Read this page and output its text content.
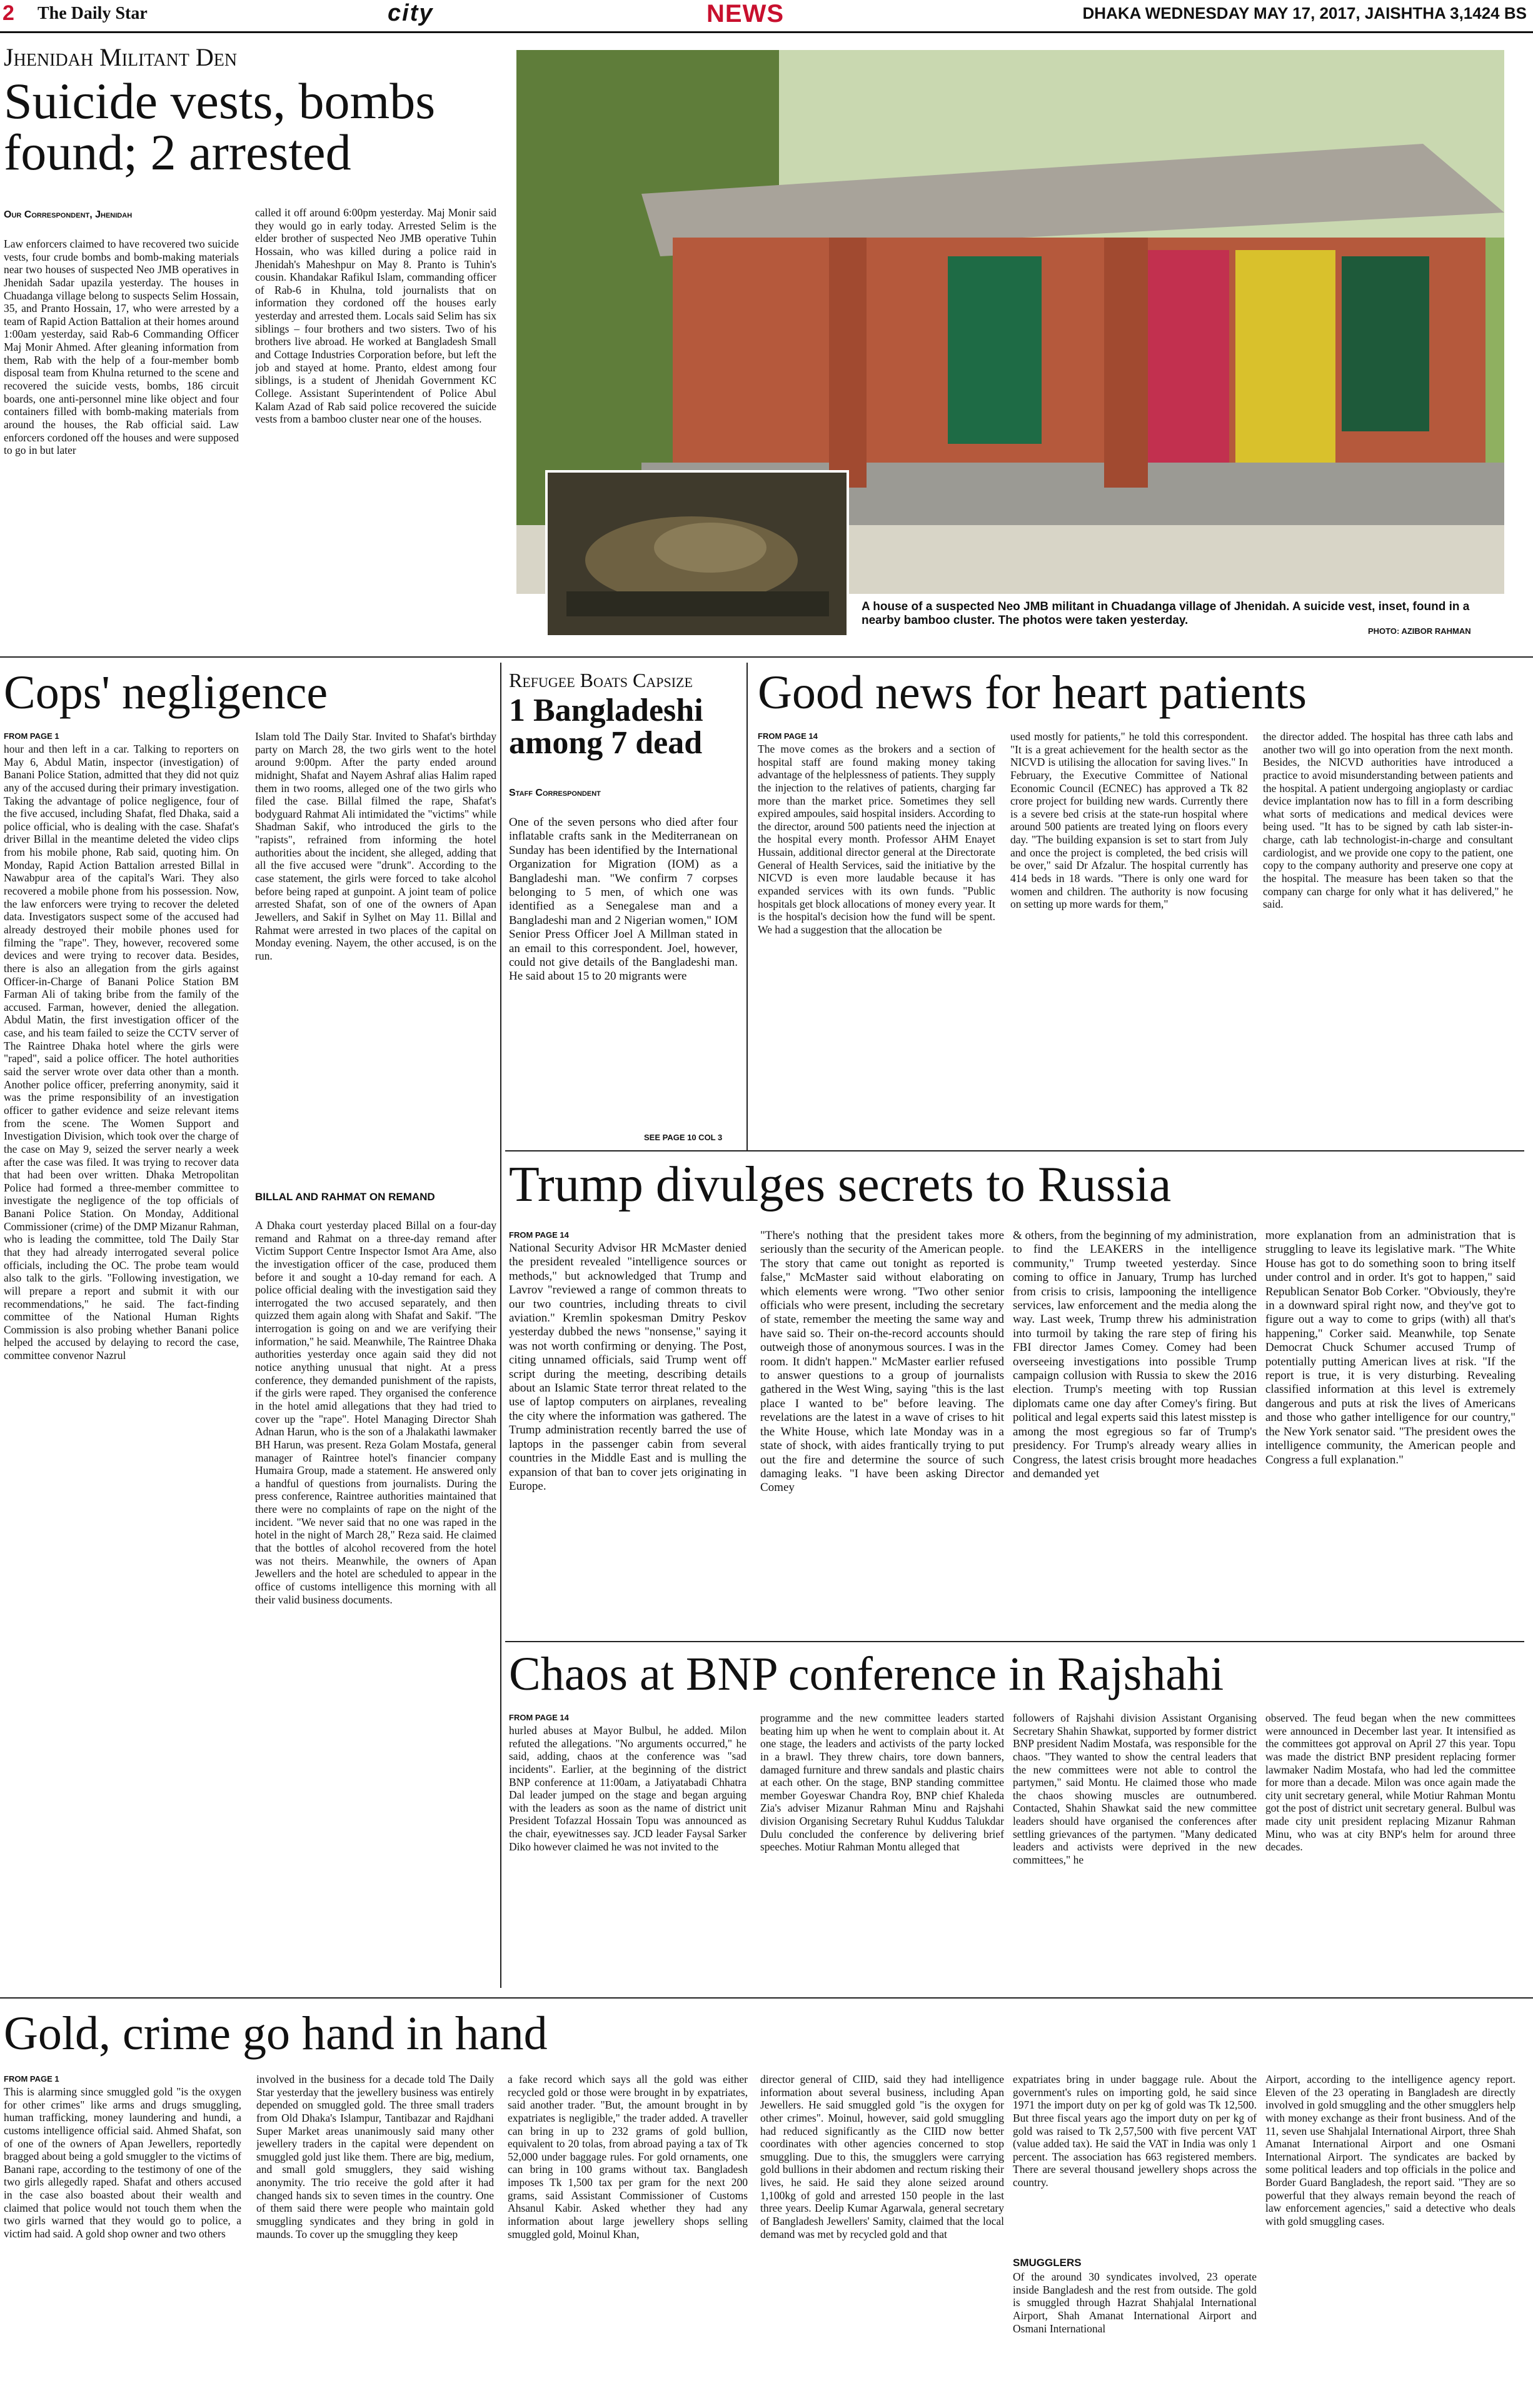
2 The Daily Star	city	NEWS	DHAKA WEDNESDAY MAY 17, 2017, JAISHTHA 3,1424 BS
Jhenidah Militant Den
Suicide vests, bombs found; 2 arrested
Our Correspondent, Jhenidah
Law enforcers claimed to have recovered two suicide vests, four crude bombs and bomb-making materials near two houses of suspected Neo JMB operatives in Jhenidah Sadar upazila yesterday. The houses in Chuadanga village belong to suspects Selim Hossain, 35, and Pranto Hossain, 17, who were arrested by a team of Rapid Action Battalion at their homes around 1:00am yesterday, said Rab-6 Commanding Officer Maj Monir Ahmed. After gleaning information from them, Rab with the help of a four-member bomb disposal team from Khulna returned to the scene and recovered the suicide vests, bombs, 186 circuit boards, one anti-personnel mine like object and four containers filled with bomb-making materials from around the houses, the Rab official said. Law enforcers cordoned off the houses and were supposed to go in but later
called it off around 6:00pm yesterday. Maj Monir said they would go in early today. Arrested Selim is the elder brother of suspected Neo JMB operative Tuhin Hossain, who was killed during a police raid in Jhenidah's Maheshpur on May 8. Pranto is Tuhin's cousin. Khandakar Rafikul Islam, commanding officer of Rab-6 in Khulna, told journalists that on information they cordoned off the houses early yesterday and arrested them. Locals said Selim has six siblings – four brothers and two sisters. Two of his brothers live abroad. He worked at Bangladesh Small and Cottage Industries Corporation before, but left the job and stayed at home. Pranto, eldest among four siblings, is a student of Jhenidah Government KC College. Assistant Superintendent of Police Abul Kalam Azad of Rab said police recovered the suicide vests from a bamboo cluster near one of the houses.
A house of a suspected Neo JMB militant in Chuadanga village of Jhenidah. A suicide vest, inset, found in a nearby bamboo cluster. The photos were taken yesterday.
PHOTO: AZIBOR RAHMAN
Cops' negligence
FROM PAGE 1
hour and then left in a car. Talking to reporters on May 6, Abdul Matin, inspector (investigation) of Banani Police Station, admitted that they did not quiz any of the accused during their primary investigation. Taking the advantage of police negligence, four of the five accused, including Shafat, fled Dhaka, said a police official, who is dealing with the case. Shafat's driver Billal in the meantime deleted the video clips from his mobile phone, Rab said, quoting him. On Monday, Rapid Action Battalion arrested Billal in Nawabpur area of the capital's Wari. They also recovered a mobile phone from his possession. Now, the law enforcers were trying to recover the deleted data. Investigators suspect some of the accused had already destroyed their mobile phones used for filming the "rape". They, however, recovered some devices and were trying to recover data. Besides, there is also an allegation from the girls against Officer-in-Charge of Banani Police Station BM Farman Ali of taking bribe from the family of the accused. Farman, however, denied the allegation. Abdul Matin, the first investigation officer of the case, and his team failed to seize the CCTV server of The Raintree Dhaka hotel where the girls were "raped", said a police officer. The hotel authorities said the server wrote over data other than a month. Another police officer, preferring anonymity, said it was the prime responsibility of an investigation officer to gather evidence and seize relevant items from the scene. The Women Support and Investigation Division, which took over the charge of the case on May 9, seized the server nearly a week after the case was filed. It was trying to recover data that had been over written. Dhaka Metropolitan Police had formed a three-member committee to investigate the negligence of the top officials of Banani Police Station. On Monday, Additional Commissioner (crime) of the DMP Mizanur Rahman, who is leading the committee, told The Daily Star that they had already interrogated several police officials, including the OC. The probe team would also talk to the girls. "Following investigation, we will prepare a report and submit it with our recommendations," he said. The fact-finding committee of the National Human Rights Commission is also probing whether Banani police helped the accused by delaying to record the case, committee convenor Nazrul
Islam told The Daily Star. Invited to Shafat's birthday party on March 28, the two girls went to the hotel around 9:00pm. After the party ended around midnight, Shafat and Nayem Ashraf alias Halim raped them in two rooms, alleged one of the two girls who filed the case. Billal filmed the rape, Shafat's bodyguard Rahmat Ali intimidated the "victims" while Shadman Sakif, who introduced the girls to the "rapists", refrained from informing the hotel authorities about the incident, she alleged, adding that all the five accused were "drunk". According to the case statement, the girls were forced to take alcohol before being raped at gunpoint. A joint team of police arrested Shafat, son of one of the owners of Apan Jewellers, and Sakif in Sylhet on May 11. Billal and Rahmat were arrested in two places of the capital on Monday evening. Nayem, the other accused, is on the run.
BILLAL AND RAHMAT ON REMAND
A Dhaka court yesterday placed Billal on a four-day remand and Rahmat on a three-day remand after Victim Support Centre Inspector Ismot Ara Ame, also the investigation officer of the case, produced them before it and sought a 10-day remand for each. A police official dealing with the investigation said they interrogated the two accused separately, and then quizzed them again along with Shafat and Sakif. "The interrogation is going on and we are verifying their information," he said. Meanwhile, The Raintree Dhaka authorities yesterday once again said they did not notice anything unusual that night. At a press conference, they demanded punishment of the rapists, if the girls were raped. They organised the conference in the hotel amid allegations that they had tried to cover up the "rape". Hotel Managing Director Shah Adnan Harun, who is the son of a Jhalakathi lawmaker BH Harun, was present. Reza Golam Mostafa, general manager of Raintree hotel's financier company Humaira Group, made a statement. He answered only a handful of questions from journalists. During the press conference, Raintree authorities maintained that there were no complaints of rape on the night of the incident. "We never said that no one was raped in the hotel in the night of March 28," Reza said. He claimed that the bottles of alcohol recovered from the hotel was not theirs. Meanwhile, the owners of Apan Jewellers and the hotel are scheduled to appear in the office of customs intelligence this morning with all their valid business documents.
Refugee Boats Capsize
1 Bangladeshi among 7 dead
Staff Correspondent
One of the seven persons who died after four inflatable crafts sank in the Mediterranean on Sunday has been identified by the International Organization for Migration (IOM) as a Bangladeshi man. "We confirm 7 corpses belonging to 5 men, of which one was identified as a Senegalese man and a Bangladeshi man and 2 Nigerian women," IOM Senior Press Officer Joel A Millman stated in an email to this correspondent. Joel, however, could not give details of the Bangladeshi man. He said about 15 to 20 migrants were
SEE PAGE 10 COL 3
Good news for heart patients
FROM PAGE 14
The move comes as the brokers and a section of hospital staff are found making money taking advantage of the helplessness of patients. They supply the injection to the relatives of patients, charging far more than the market price. Sometimes they sell expired ampoules, said hospital insiders. According to the director, around 500 patients need the injection at the hospital every month. Professor AHM Enayet Hussain, additional director general at the Directorate General of Health Services, said the initiative by the NICVD is even more laudable because it has expanded services with its own funds. "Public hospitals get block allocations of money every year. It is the hospital's decision how the fund will be spent. We had a suggestion that the allocation be
used mostly for patients," he told this correspondent. "It is a great achievement for the health sector as the NICVD is utilising the allocation for saving lives." In February, the Executive Committee of National Economic Council (ECNEC) has approved a Tk 82 crore project for building new wards. Currently there is a severe bed crisis at the state-run hospital where around 500 patients are treated lying on floors every day. "The building expansion is set to start from July and once the project is completed, the bed crisis will be over," said Dr Afzalur. The hospital currently has 414 beds in 18 wards. "There is only one ward for women and children. The authority is now focusing on setting up more wards for them,"
the director added. The hospital has three cath labs and another two will go into operation from the next month. Besides, the NICVD authorities have introduced a practice to avoid misunderstanding between patients and the hospital. A patient undergoing angioplasty or cardiac device implantation now has to fill in a form describing what sorts of medications and medical devices were being used. "It has to be signed by cath lab sister-in-charge, cath lab technologist-in-charge and consultant cardiologist, and we provide one copy to the patient, one copy to the company authority and preserve one copy at the hospital. The measure has been taken so that the company can charge for only what it has delivered," he said.
Trump divulges secrets to Russia
FROM PAGE 14
National Security Advisor HR McMaster denied the president revealed "intelligence sources or methods," but acknowledged that Trump and Lavrov "reviewed a range of common threats to our two countries, including threats to civil aviation." Kremlin spokesman Dmitry Peskov yesterday dubbed the news "nonsense," saying it was not worth confirming or denying. The Post, citing unnamed officials, said Trump went off script during the meeting, describing details about an Islamic State terror threat related to the use of laptop computers on airplanes, revealing the city where the information was gathered. The Trump administration recently barred the use of laptops in the passenger cabin from several countries in the Middle East and is mulling the expansion of that ban to cover jets originating in Europe.
"There's nothing that the president takes more seriously than the security of the American people. The story that came out tonight as reported is false," McMaster said without elaborating on which elements were wrong. "Two other senior officials who were present, including the secretary of state, remember the meeting the same way and have said so. Their on-the-record accounts should outweigh those of anonymous sources. I was in the room. It didn't happen." McMaster earlier refused to answer questions to a group of journalists gathered in the West Wing, saying "this is the last place I wanted to be" before leaving. The revelations are the latest in a wave of crises to hit the White House, which late Monday was in a state of shock, with aides frantically trying to put out the fire and determine the source of such damaging leaks. "I have been asking Director Comey
& others, from the beginning of my administration, to find the LEAKERS in the intelligence community," Trump tweeted yesterday. Since coming to office in January, Trump has lurched from crisis to crisis, lampooning the intelligence services, law enforcement and the media along the way. Last week, Trump threw his administration into turmoil by taking the rare step of firing his FBI director James Comey. Comey had been overseeing investigations into possible Trump campaign collusion with Russia to skew the 2016 election. Trump's meeting with top Russian diplomats came one day after Comey's firing. But political and legal experts said this latest misstep is among the most egregious so far of Trump's presidency. For Trump's already weary allies in Congress, the latest crisis brought more headaches and demanded yet
more explanation from an administration that is struggling to leave its legislative mark. "The White House has got to do something soon to bring itself under control and in order. It's got to happen," said Republican Senator Bob Corker. "Obviously, they're in a downward spiral right now, and they've got to figure out a way to come to grips (with) all that's happening," Corker said. Meanwhile, top Senate Democrat Chuck Schumer accused Trump of potentially putting American lives at risk. "If the report is true, it is very disturbing. Revealing classified information at this level is extremely dangerous and puts at risk the lives of Americans and those who gather intelligence for our country," the New York senator said. "The president owes the intelligence community, the American people and Congress a full explanation."
Chaos at BNP conference in Rajshahi
FROM PAGE 14
hurled abuses at Mayor Bulbul, he added. Milon refuted the allegations. "No arguments occurred," he said, adding, chaos at the conference was "sad incidents". Earlier, at the beginning of the district BNP conference at 11:00am, a Jatiyatabadi Chhatra Dal leader jumped on the stage and began arguing with the leaders as soon as the name of district unit President Tofazzal Hossain Topu was announced as the chair, eyewitnesses say. JCD leader Faysal Sarker Diko however claimed he was not invited to the
programme and the new committee leaders started beating him up when he went to complain about it. At one stage, the leaders and activists of the party locked in a brawl. They threw chairs, tore down banners, damaged furniture and threw sandals and plastic chairs at each other. On the stage, BNP standing committee member Goyeswar Chandra Roy, BNP chief Khaleda Zia's adviser Mizanur Rahman Minu and Rajshahi division Organising Secretary Ruhul Kuddus Talukdar Dulu concluded the conference by delivering brief speeches. Motiur Rahman Montu alleged that
followers of Rajshahi division Assistant Organising Secretary Shahin Shawkat, supported by former district BNP president Nadim Mostafa, was responsible for the chaos. "They wanted to show the central leaders that the new committees were not able to control the partymen," said Montu. He claimed those who made the chaos showing muscles are outnumbered. Contacted, Shahin Shawkat said the new committee leaders should have organised the conferences after settling grievances of the partymen. "Many dedicated leaders and activists were deprived in the new committees," he
observed. The feud began when the new committees were announced in December last year. It intensified as the committees got approval on April 27 this year. Topu was made the district BNP president replacing former lawmaker Nadim Mostafa, who had led the committee for more than a decade. Milon was once again made the city unit secretary general, while Motiur Rahman Montu got the post of district unit secretary general. Bulbul was made city unit president replacing Mizanur Rahman Minu, who was at city BNP's helm for around three decades.
Gold, crime go hand in hand
FROM PAGE 1
This is alarming since smuggled gold "is the oxygen for other crimes" like arms and drugs smuggling, human trafficking, money laundering and hundi, a customs intelligence official said. Ahmed Shafat, son of one of the owners of Apan Jewellers, reportedly bragged about being a gold smuggler to the victims of Banani rape, according to the testimony of one of the two girls allegedly raped. Shafat and others accused in the case also boasted about their wealth and claimed that police would not touch them when the two girls warned that they would go to police, a victim had said. A gold shop owner and two others
involved in the business for a decade told The Daily Star yesterday that the jewellery business was entirely depended on smuggled gold. The three small traders from Old Dhaka's Islampur, Tantibazar and Rajdhani Super Market areas unanimously said many other jewellery traders in the capital were dependent on smuggled gold just like them. There are big, medium, and small gold smugglers, they said wishing anonymity. The trio receive the gold after it had changed hands six to seven times in the country. One of them said there were people who maintain gold smuggling syndicates and they bring in gold in maunds. To cover up the smuggling they keep
a fake record which says all the gold was either recycled gold or those were brought in by expatriates, said another trader. "But, the amount brought in by expatriates is negligible," the trader added. A traveller can bring in up to 232 grams of gold bullion, equivalent to 20 tolas, from abroad paying a tax of Tk 52,000 under baggage rules. For gold ornaments, one can bring in 100 grams without tax. Bangladesh imposes Tk 1,500 tax per gram for the next 200 grams, said Assistant Commissioner of Customs Ahsanul Kabir. Asked whether they had any information about large jewellery shops selling smuggled gold, Moinul Khan,
director general of CIID, said they had intelligence information about several business, including Apan Jewellers. He said smuggled gold "is the oxygen for other crimes". Moinul, however, said gold smuggling had reduced significantly as the CIID now better coordinates with other agencies concerned to stop smuggling. Due to this, the smugglers were carrying gold bullions in their abdomen and rectum risking their lives, he said. He said they alone seized around 1,100kg of gold and arrested 150 people in the last three years. Deelip Kumar Agarwala, general secretary of Bangladesh Jewellers' Samity, claimed that the local demand was met by recycled gold and that
expatriates bring in under baggage rule. About the government's rules on importing gold, he said since 1971 the import duty on per kg of gold was Tk 12,500. But three fiscal years ago the import duty on per kg of gold was raised to Tk 2,57,500 with five percent VAT (value added tax). He said the VAT in India was only 1 percent. The association has 663 registered members. There are several thousand jewellery shops across the country.
SMUGGLERS
Of the around 30 syndicates involved, 23 operate inside Bangladesh and the rest from outside. The gold is smuggled through Hazrat Shahjalal International Airport, Shah Amanat International Airport and Osmani International
Airport, according to the intelligence agency report. Eleven of the 23 operating in Bangladesh are directly involved in gold smuggling and the other smugglers help with money exchange as their front business. And of the 11, seven use Shahjalal International Airport, three Shah Amanat International Airport and one Osmani International Airport. The syndicates are backed by some political leaders and top officials in the police and Border Guard Bangladesh, the report said. "They are so powerful that they always remain beyond the reach of law enforcement agencies," said a detective who deals with gold smuggling cases.
